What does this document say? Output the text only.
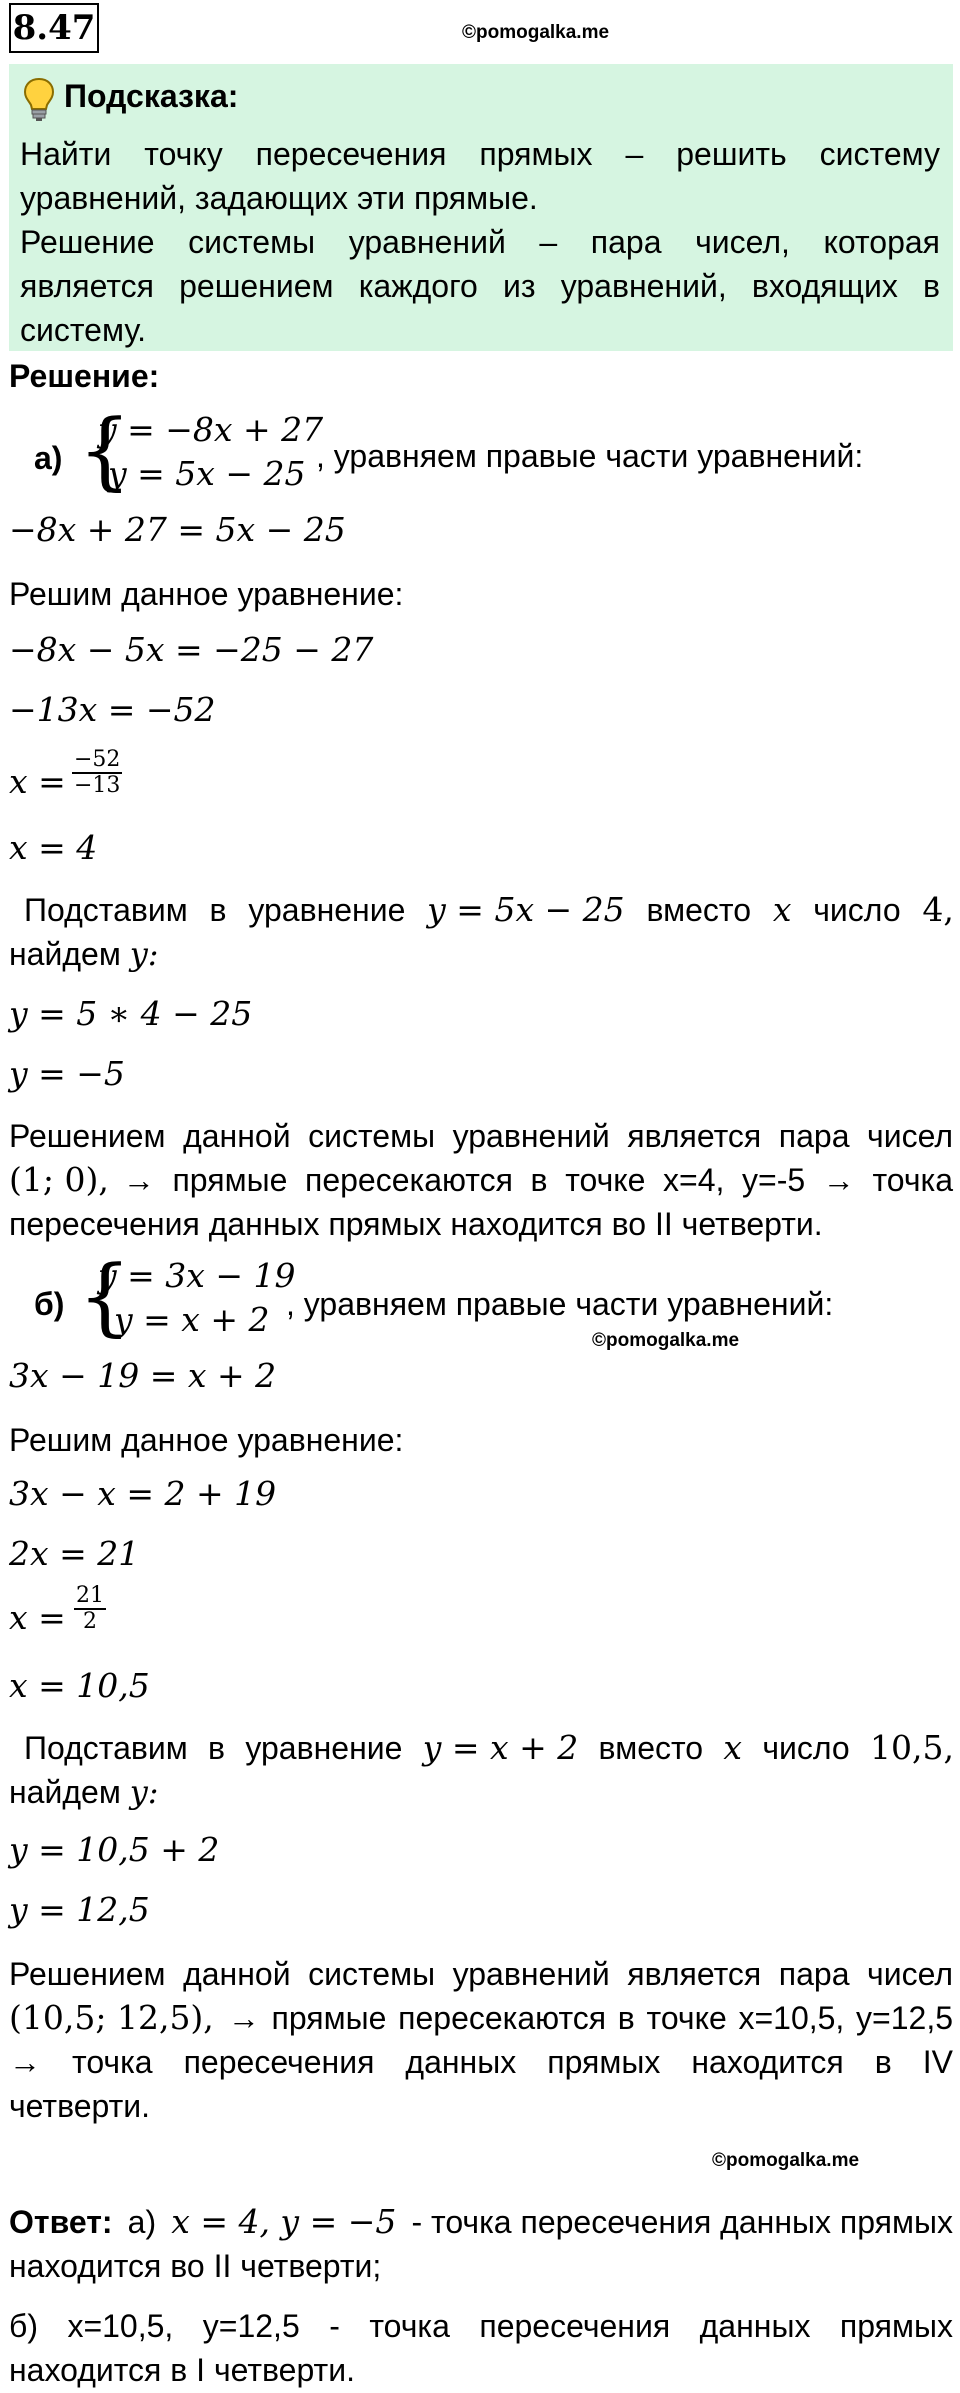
8.47	©pomogalka.me
Подсказка:
Найти точку пересечения прямых – решить систему
уравнений, задающих эти прямые.
Решение системы уравнений – пара чисел, которая
является решением каждого из уравнений, входящих в
систему.
Решение:
а) {
y = −8x + 27
y = 5x − 25 , уравняем правые части уравнений:
−8x + 27 = 5x − 25
Решим данное уравнение:
−8x − 5x = −25 − 27
−13x = −52
$x = \frac{-52}{-13}$
x = 4
Подставим в уравнение y = 5x − 25 вместо x число 4,
найдем y:
y = 5 ∗ 4 − 25
y = −5
Решением данной системы уравнений является пара чисел
(1; 0), → прямые пересекаются в точке x=4, y=-5 → точка
пересечения данных прямых находится во II четверти.
б) {
y = 3x − 19
y = x + 2 , уравняем правые части уравнений:
©pomogalka.me
3x − 19 = x + 2
Решим данное уравнение:
3x − x = 2 + 19
2x = 21
$x = \frac{21}{2}$
x = 10,5
Подставим в уравнение y = x + 2 вместо x число 10,5,
найдем y:
y = 10,5 + 2
y = 12,5
Решением данной системы уравнений является пара чисел
(10,5; 12,5), → прямые пересекаются в точке x=10,5, y=12,5
→ точка пересечения данных прямых находится в IV
четверти.
©pomogalka.me
Ответ: а) x = 4, y = −5 - точка пересечения данных прямых
находится во II четверти;
б) x=10,5, y=12,5 - точка пересечения данных прямых
находится в I четверти.
